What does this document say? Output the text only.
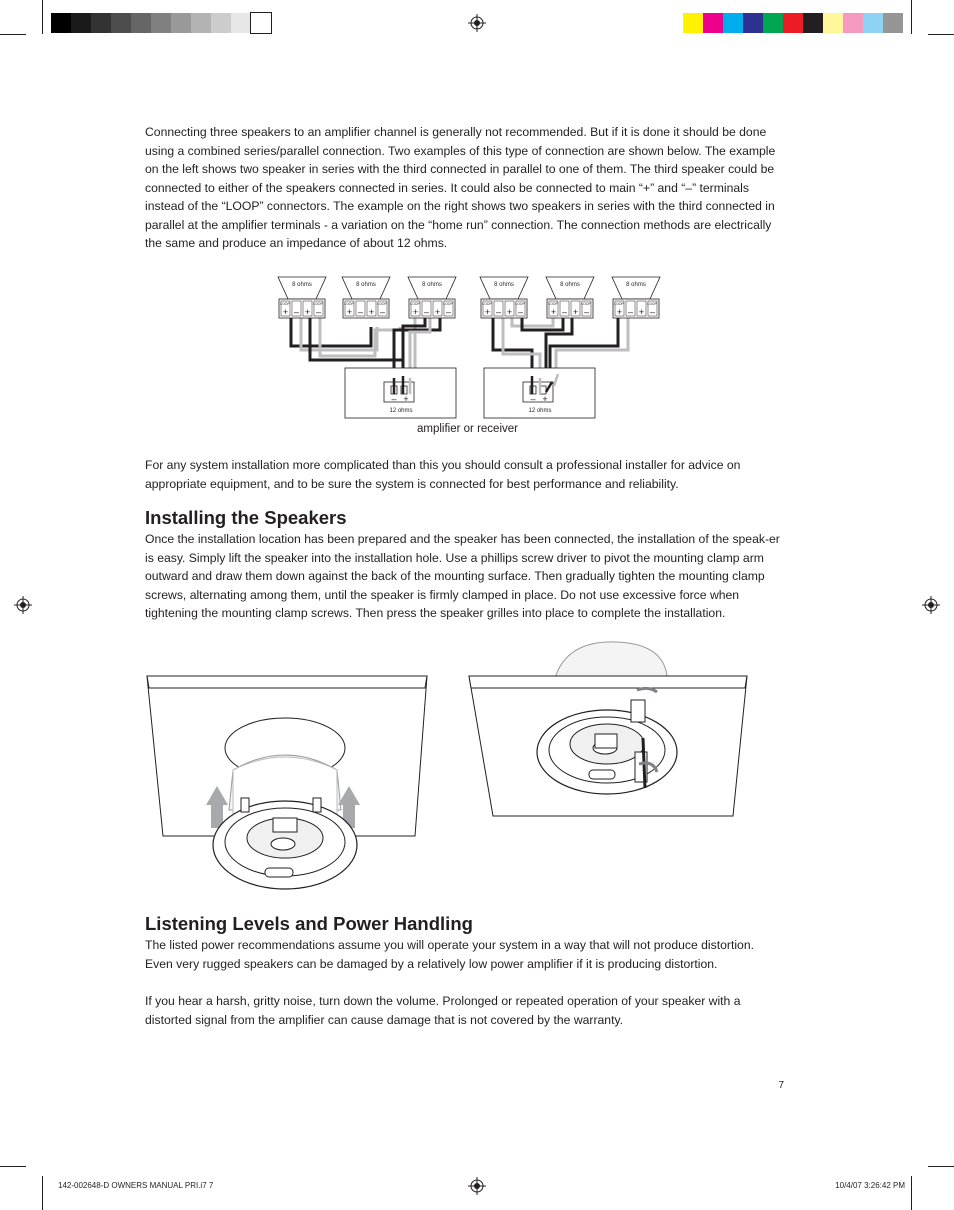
Connecting three speakers to an amplifier channel is generally not recommended. But if it is done it should be done using a combined series/parallel connection. Two examples of this type of connection are shown below. The example on the left shows two speaker in series with the third connected in parallel to one of them. The third speaker could be connected to either of the speakers connected in series. It could also be connected to main “+” and “–” terminals instead of the “LOOP” connectors. The example on the right shows two speakers in series with the third connected in parallel at the amplifier terminals - a variation on the “home run” connection. The connection methods are electrically the same and produce an impedance of about 12 ohms.
8 ohms
+ – + –
LOOP	LOOP
8 ohms
+ – + –
LOOP	LOOP
8 ohms
+ – + –
LOOP	LOOP
8 ohms
+ – + –
LOOP	LOOP
8 ohms
+ – + –
LOOP	LOOP
8 ohms
+ – + –
LOOP	LOOP
– +	– +
12 ohms	12 ohms
amplifier or receiver
For any system installation more complicated than this you should consult a professional installer for advice on appropriate equipment, and to be sure the system is connected for best performance and reliability.
Installing the Speakers
Once the installation location has been prepared and the speaker has been connected, the installation of the speak-er is easy. Simply lift the speaker into the installation hole. Use a phillips screw driver to pivot the mounting clamp arm outward and draw them down against the back of the mounting surface. Then gradually tighten the mounting clamp screws, alternating among them, until the speaker is firmly clamped in place. Do not use excessive force when tightening the mounting clamp screws. Then press the speaker grilles into place to complete the installation.
Listening Levels and Power Handling
The listed power recommendations assume you will operate your system in a way that will not produce distortion. Even very rugged speakers can be damaged by a relatively low power amplifier if it is producing distortion.
If you hear a harsh, gritty noise, turn down the volume. Prolonged or repeated operation of your speaker with a distorted signal from the amplifier can cause damage that is not covered by the warranty.
7
142-002648-D OWNERS MANUAL PRI.i7 7	10/4/07 3:26:42 PM
